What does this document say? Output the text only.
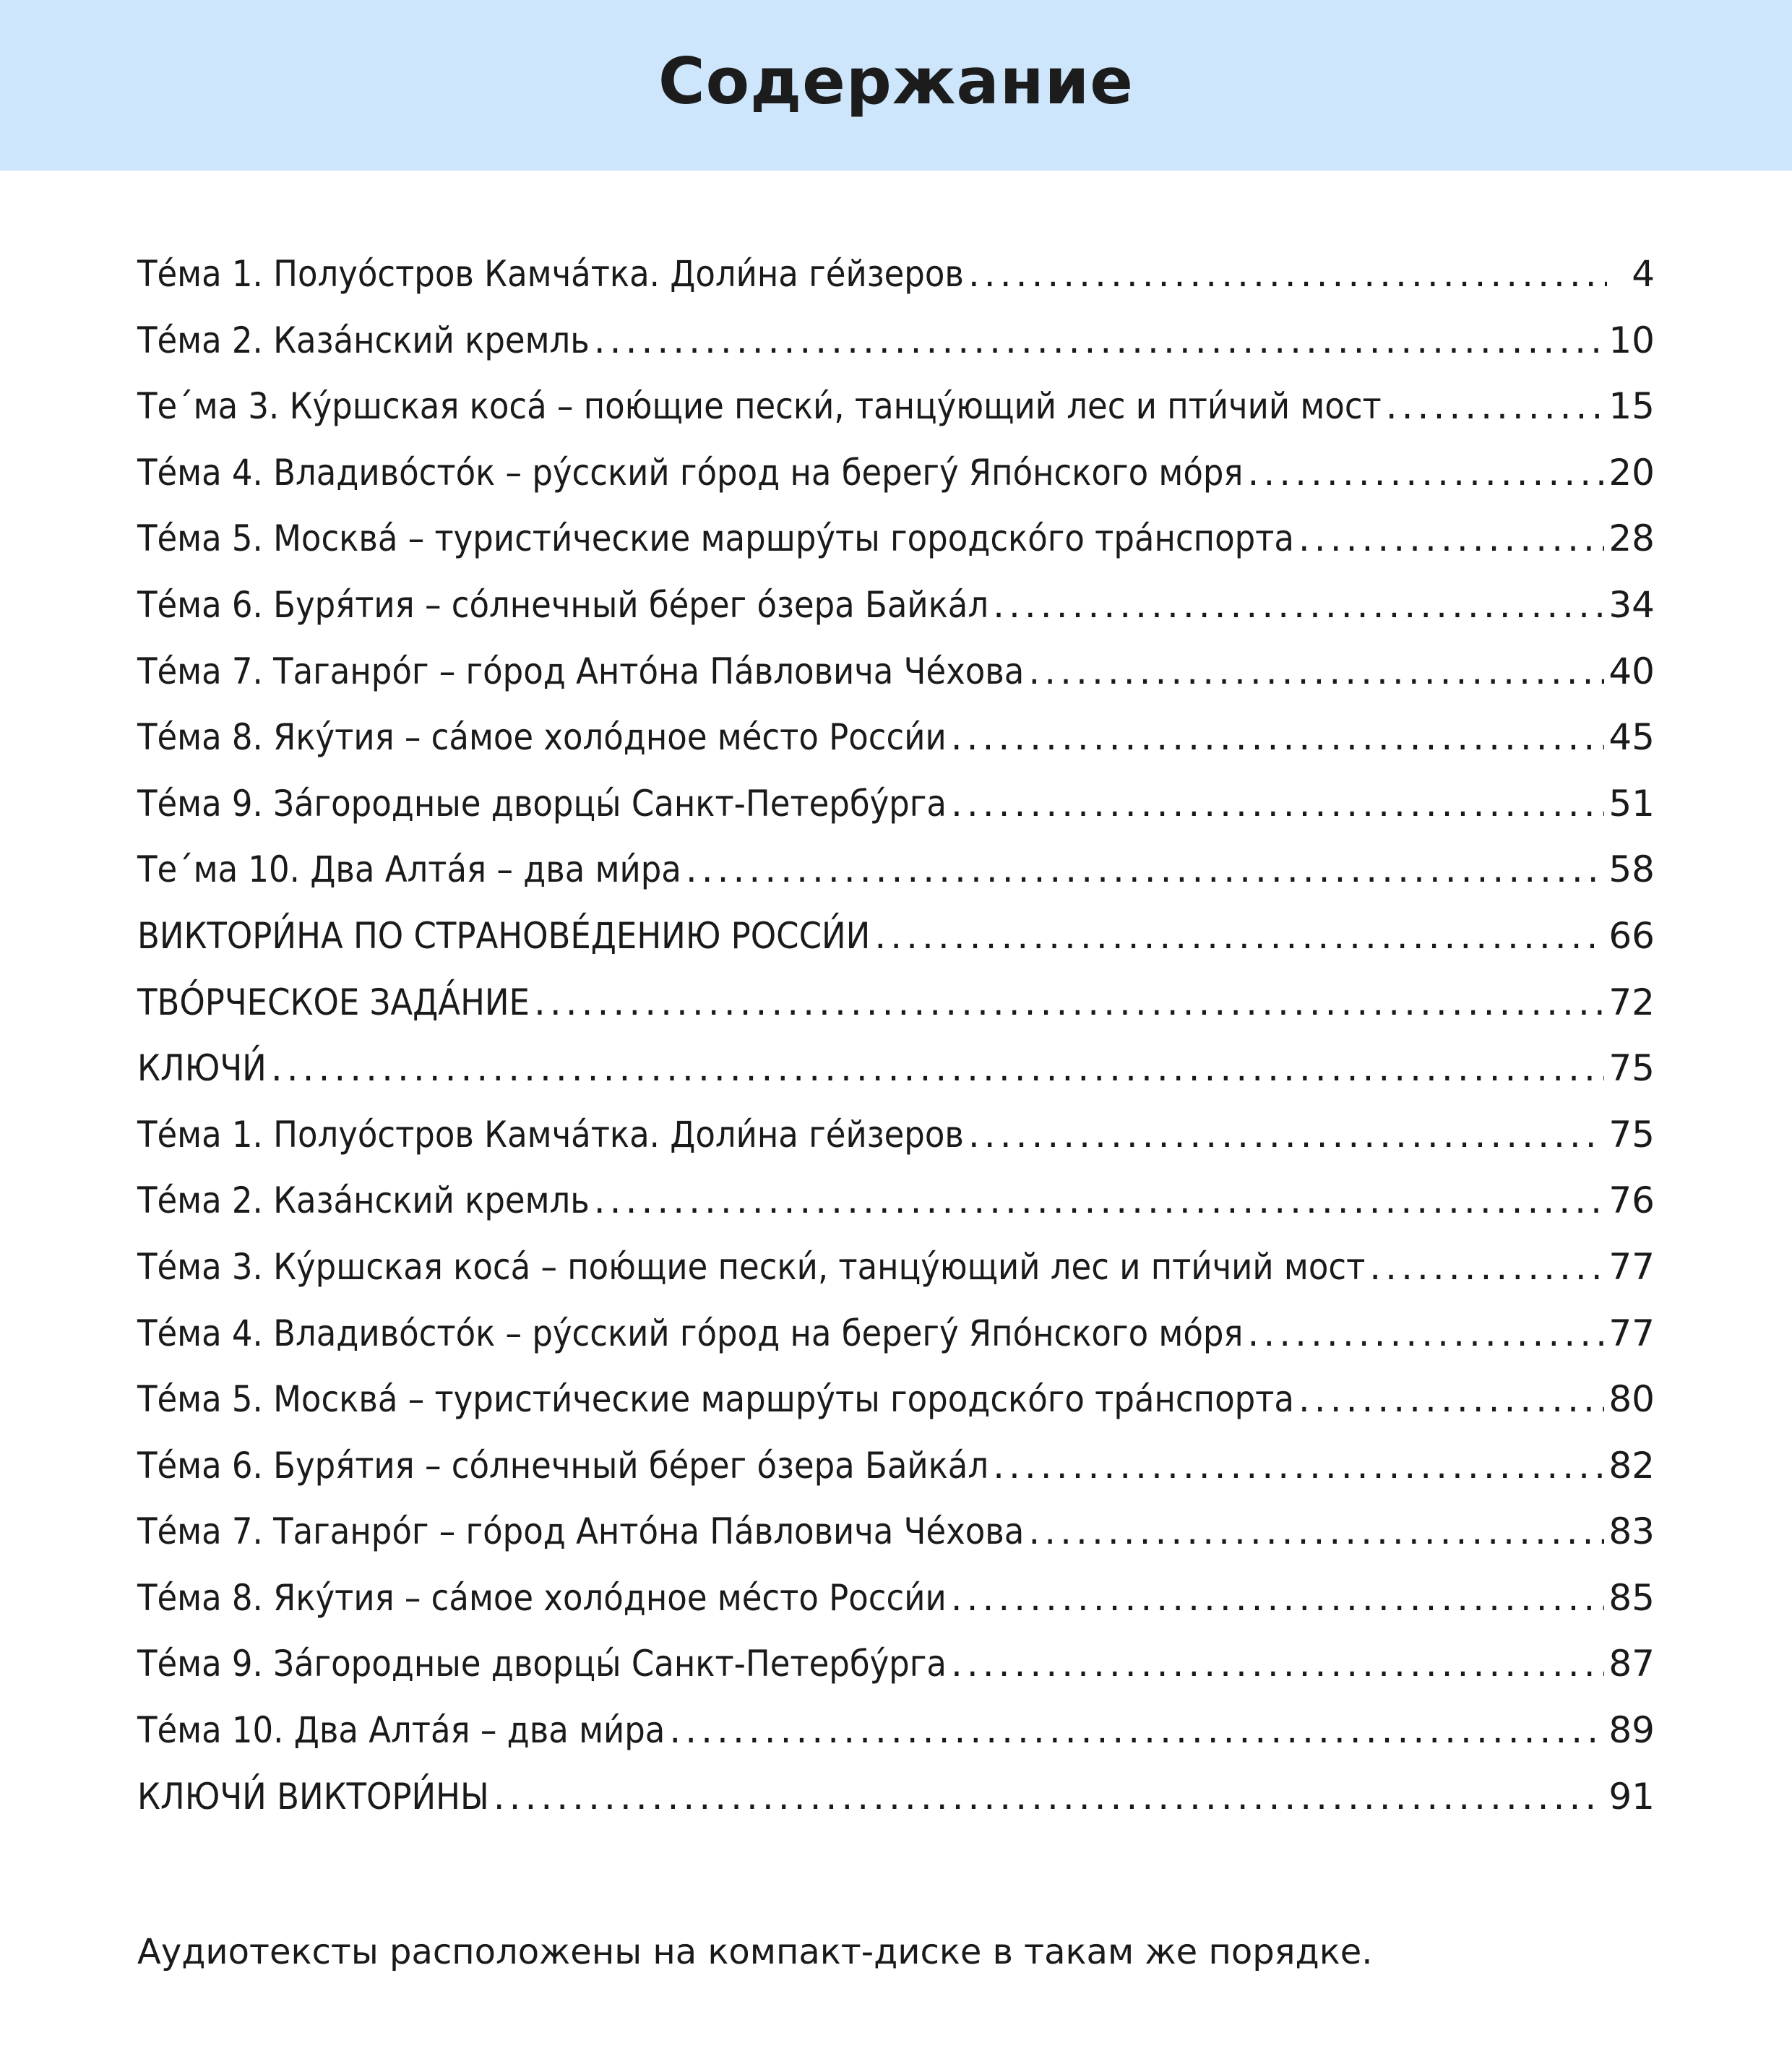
Содержание
Те́ма 1. Полуо́стров Камча́тка. Доли́на ге́йзеров .....	4
Те́ма 2. Каза́нский кремль .....	10
Те´ма 3. Ку́ршская коса́ – пою́щие пески́, танцу́ющий лес и пти́чий мост .....	15
Те́ма 4. Владиво́сто́к – ру́сский го́род на берегу́ Япо́нского мо́ря .....	20
Те́ма 5. Москва́ – туристи́ческие маршру́ты городско́го тра́нспорта .....	28
Те́ма 6. Буря́тия – со́лнечный бе́рег о́зера Байка́л .....	34
Те́ма 7. Таганро́г – го́род Анто́на Па́вловича Че́хова .....	40
Те́ма 8. Яку́тия – са́мое холо́дное ме́сто Росси́и .....	45
Те́ма 9. За́городные дворцы́ Санкт-Петербу́рга .....	51
Те´ма 10. Два Алта́я – два ми́ра .....	58
ВИКТОРИ́НА ПО СТРАНОВЕ́ДЕНИЮ РОССИ́И .....	66
ТВО́РЧЕСКОЕ ЗАДА́НИЕ .....	72
КЛЮЧИ́ .....	75
Те́ма 1. Полуо́стров Камча́тка. Доли́на ге́йзеров .....	75
Те́ма 2. Каза́нский кремль .....	76
Те́ма 3. Ку́ршская коса́ – пою́щие пески́, танцу́ющий лес и пти́чий мост .....	77
Те́ма 4. Владиво́сто́к – ру́сский го́род на берегу́ Япо́нского мо́ря .....	77
Те́ма 5. Москва́ – туристи́ческие маршру́ты городско́го тра́нспорта .....	80
Те́ма 6. Буря́тия – со́лнечный бе́рег о́зера Байка́л .....	82
Те́ма 7. Таганро́г – го́род Анто́на Па́вловича Че́хова .....	83
Те́ма 8. Яку́тия – са́мое холо́дное ме́сто Росси́и .....	85
Те́ма 9. За́городные дворцы́ Санкт-Петербу́рга .....	87
Те́ма 10. Два Алта́я – два ми́ра .....	89
КЛЮЧИ́ ВИКТОРИ́НЫ .....	91

Аудиотексты расположены на компакт-диске в такам же порядке.
